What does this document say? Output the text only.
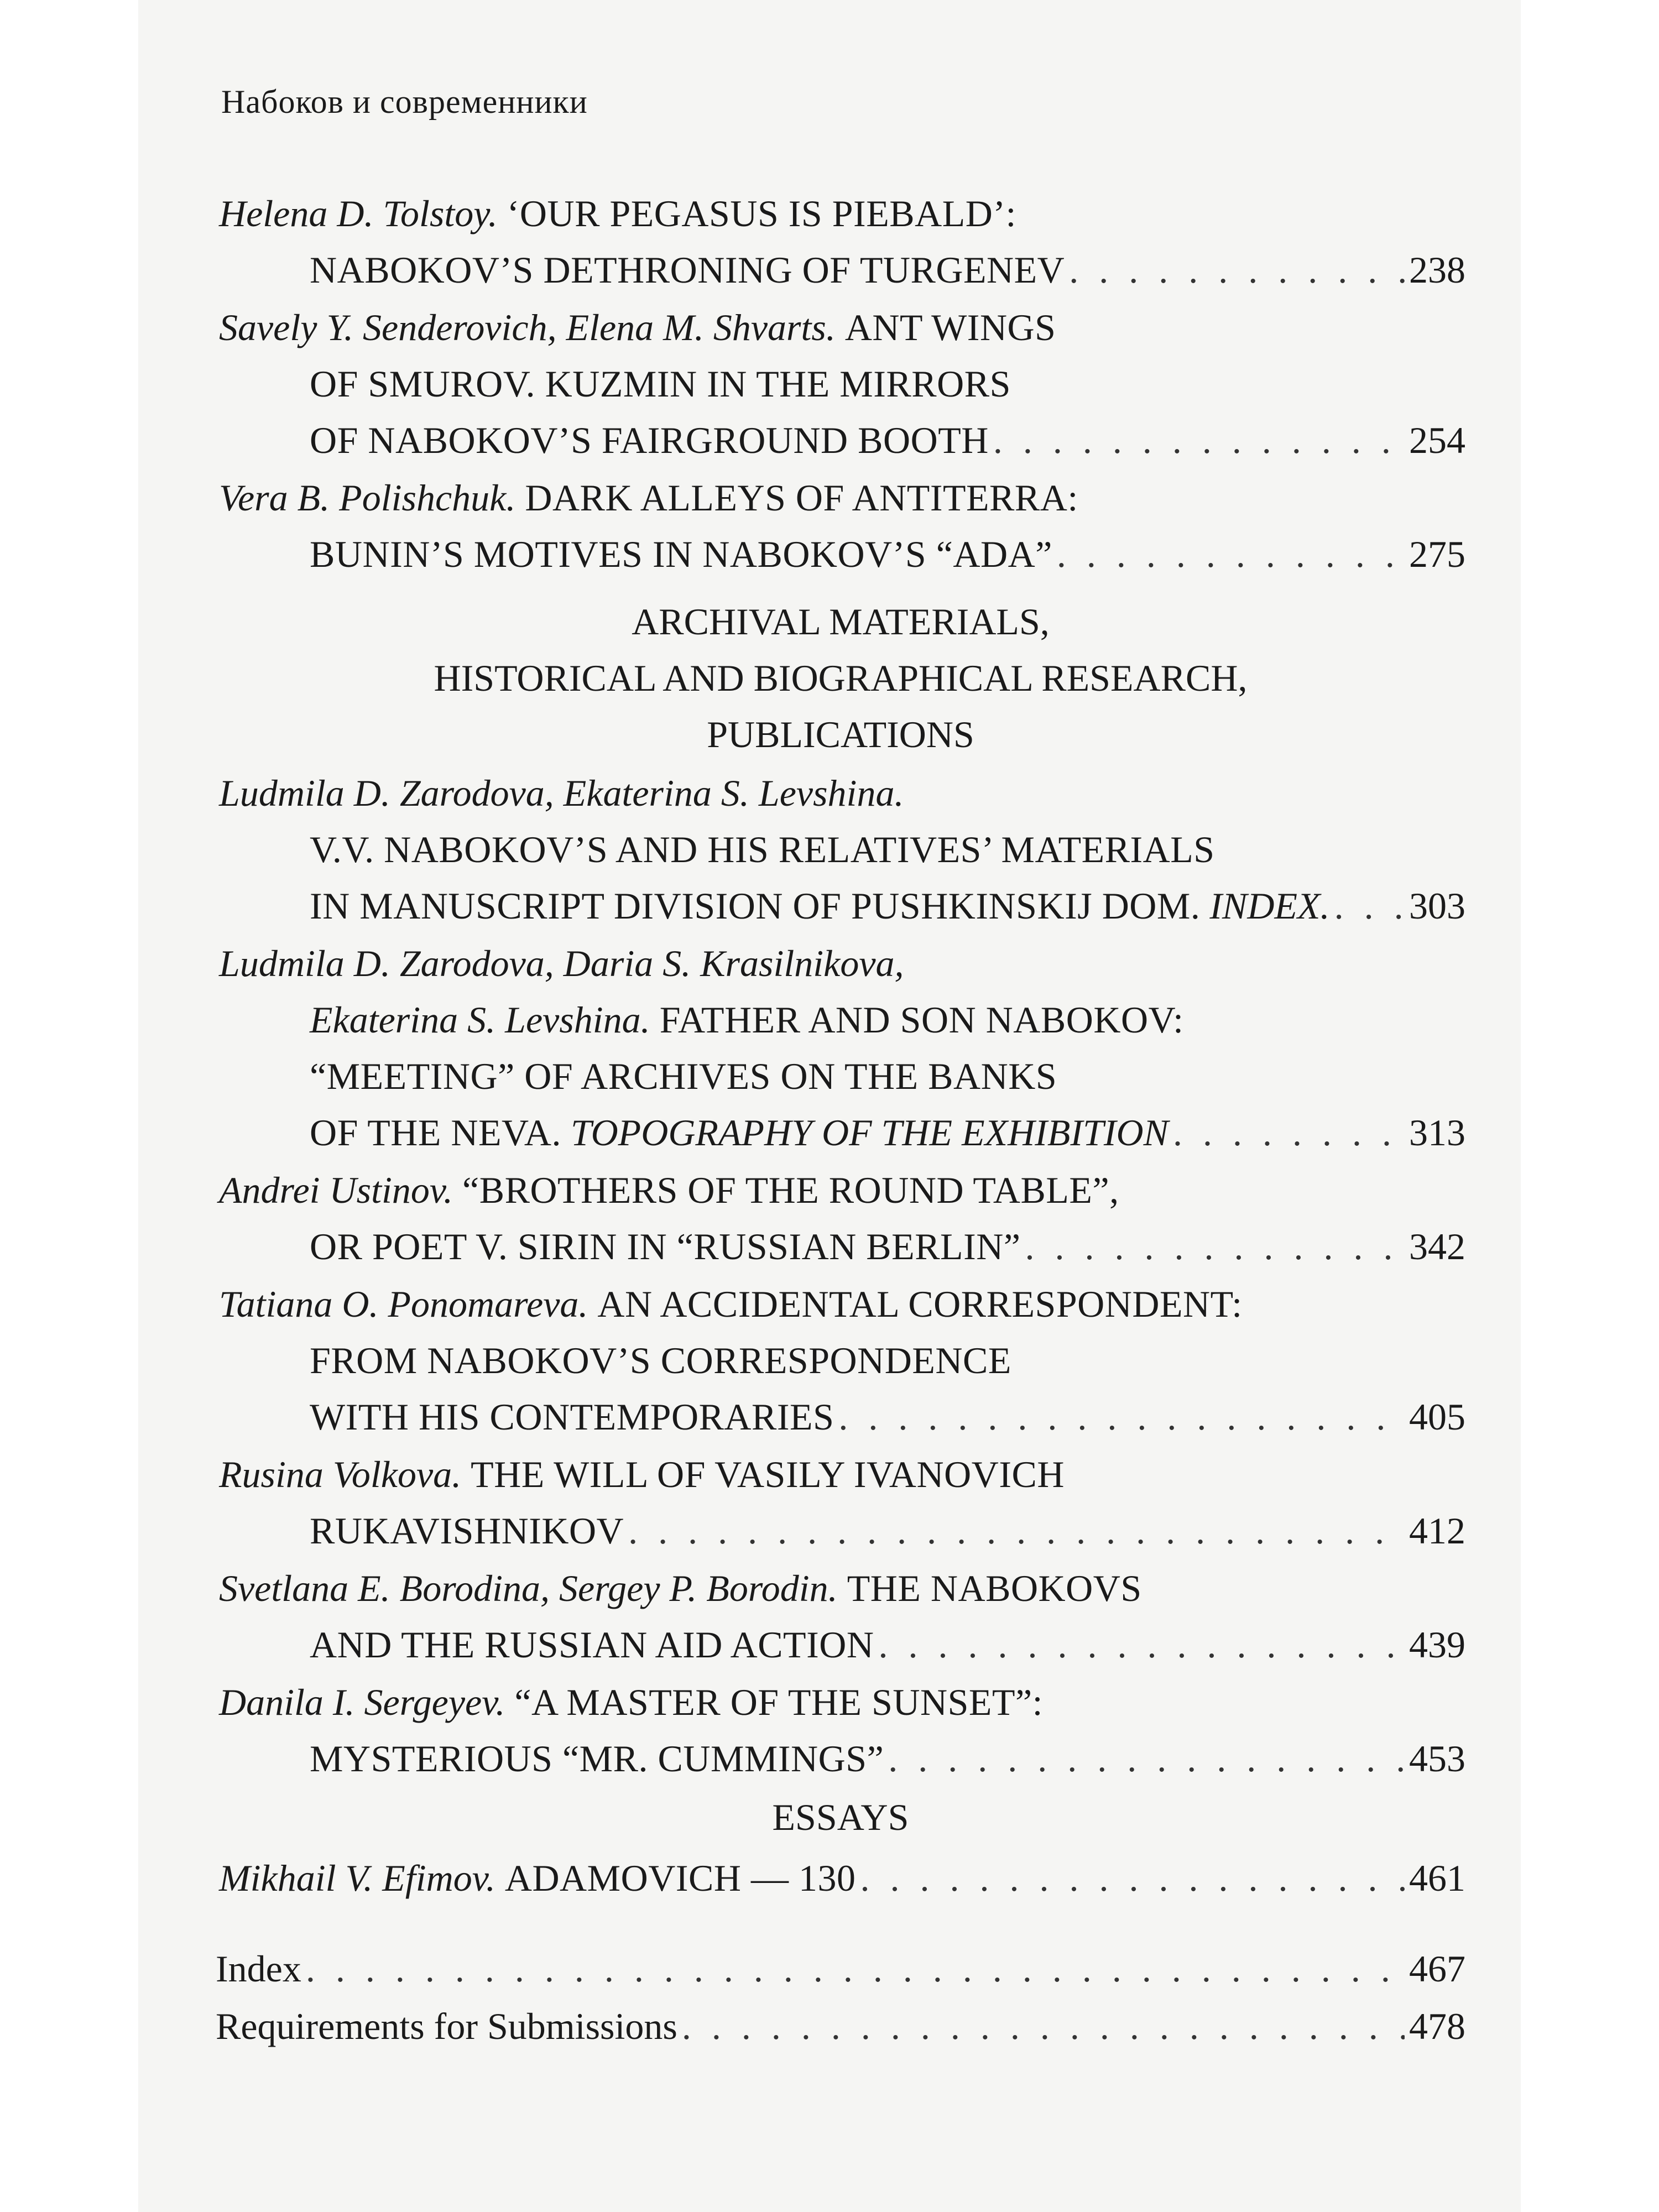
Набоков и современники
Helena D. Tolstoy.
‘OUR PEGASUS IS PIEBALD’:
NABOKOV’S DETHRONING OF TURGENEV . . .	238
Savely Y. Senderovich, Elena M. Shvarts.
ANT WINGS
OF SMUROV. KUZMIN IN THE MIRRORS
OF NABOKOV’S FAIRGROUND BOOTH . . .	254
Vera B. Polishchuk.
DARK ALLEYS OF ANTITERRA:
BUNIN’S MOTIVES IN NABOKOV’S “ADA” . . .	275
ARCHIVAL MATERIALS,
HISTORICAL AND BIOGRAPHICAL RESEARCH,
PUBLICATIONS
Ludmila D. Zarodova, Ekaterina S. Levshina.
V.V. NABOKOV’S AND HIS RELATIVES’ MATERIALS
IN MANUSCRIPT DIVISION OF PUSHKINSKIJ DOM.
INDEX. . . . 303
Ludmila D. Zarodova, Daria S. Krasilnikova,
Ekaterina S. Levshina.
FATHER AND SON NABOKOV:
“MEETING” OF ARCHIVES ON THE BANKS
OF THE NEVA.
TOPOGRAPHY OF THE EXHIBITION . . .	313
Andrei Ustinov.
“BROTHERS OF THE ROUND TABLE”,
OR POET V. SIRIN IN “RUSSIAN BERLIN” . . .	342
Tatiana O. Ponomareva.
AN ACCIDENTAL CORRESPONDENT:
FROM NABOKOV’S CORRESPONDENCE
WITH HIS CONTEMPORARIES . . .	405
Rusina Volkova.
THE WILL OF VASILY IVANOVICH
RUKAVISHNIKOV . . .	412
Svetlana E. Borodina, Sergey P. Borodin.
THE NABOKOVS
AND THE RUSSIAN AID ACTION . . .	439
Danila I. Sergeyev.
“A MASTER OF THE SUNSET”:
MYSTERIOUS “MR. CUMMINGS” . . .	453
ESSAYS
Mikhail V. Efimov.
ADAMOVICH — 130 . . .	461
Index . . .	467
Requirements for Submissions . . .	478
